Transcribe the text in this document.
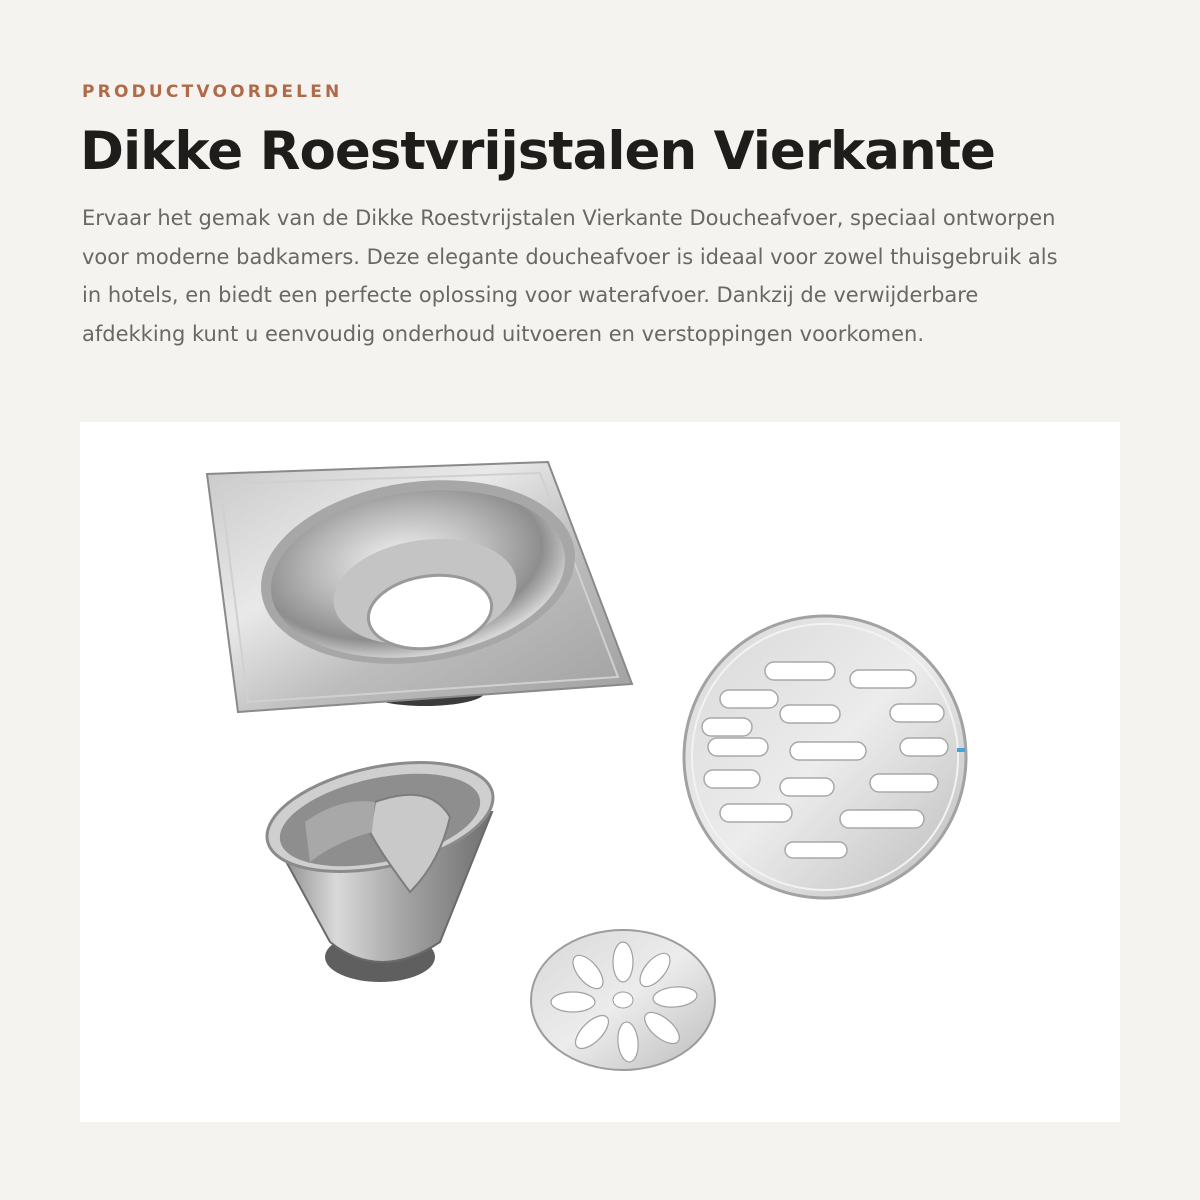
PRODUCTVOORDELEN
Dikke Roestvrijstalen Vierkante

Ervaar het gemak van de Dikke Roestvrijstalen Vierkante Doucheafvoer, speciaal ontworpen voor moderne badkamers. Deze elegante doucheafvoer is ideaal voor zowel thuisgebruik als in hotels, en biedt een perfecte oplossing voor waterafvoer. Dankzij de verwijderbare afdekking kunt u eenvoudig onderhoud uitvoeren en verstoppingen voorkomen.
